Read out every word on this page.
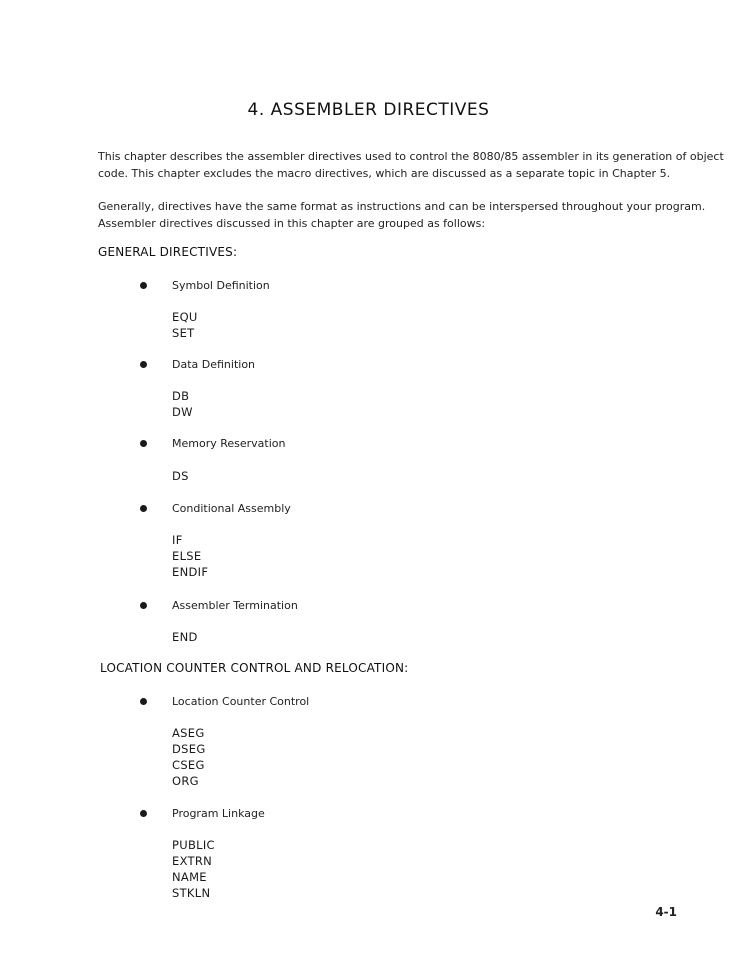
4. ASSEMBLER DIRECTIVES

This chapter describes the assembler directives used to control the 8080/85 assembler in its generation of object
code. This chapter excludes the macro directives, which are discussed as a separate topic in Chapter 5.

Generally, directives have the same format as instructions and can be interspersed throughout your program.
Assembler directives discussed in this chapter are grouped as follows:

GENERAL DIRECTIVES:
Symbol Definition
EQU
SET
Data Definition
DB
DW
Memory Reservation
DS
Conditional Assembly
IF
ELSE
ENDIF
Assembler Termination
END
LOCATION COUNTER CONTROL AND RELOCATION:
Location Counter Control
ASEG
DSEG
CSEG
ORG
Program Linkage
PUBLIC
EXTRN
NAME
STKLN
4-1
